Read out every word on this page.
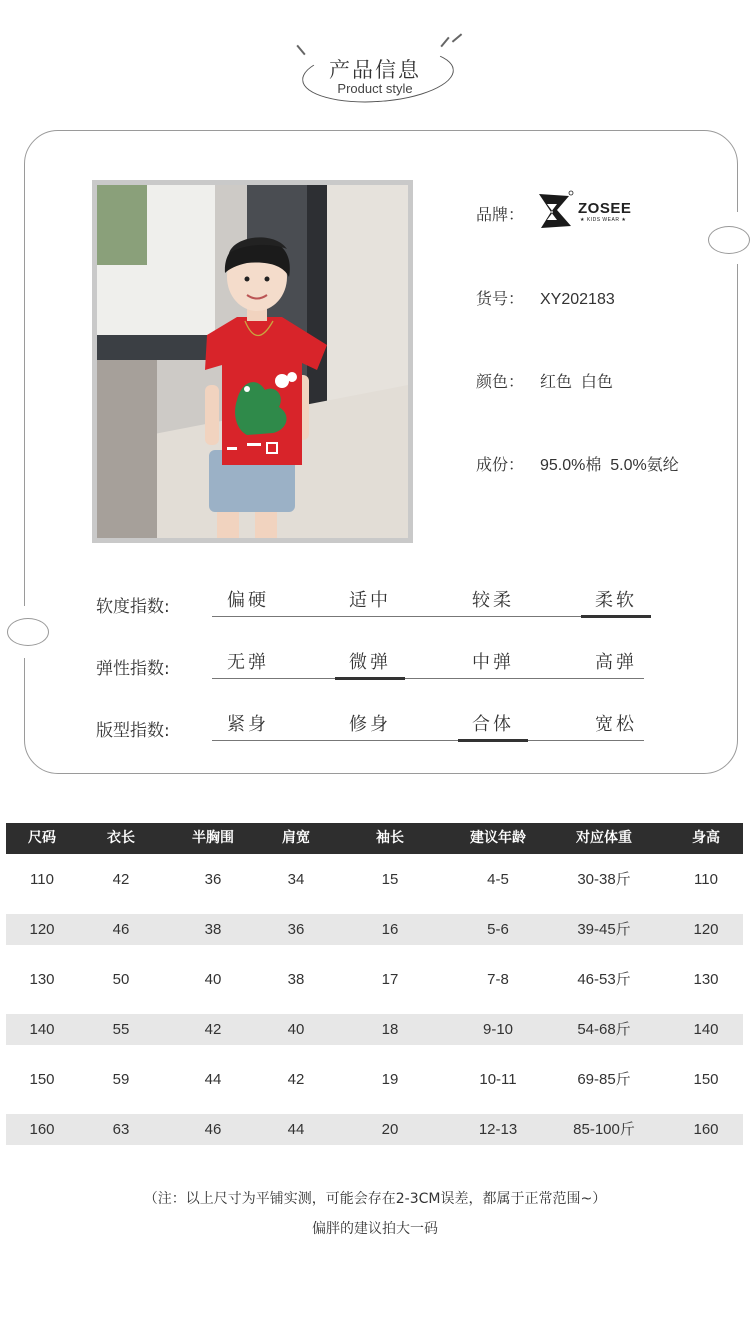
产品信息
Product style
品牌：	ZOSEE
★ KIDS WEAR ★
货号： XY202183
颜色： 红色  白色
成份： 95.0%棉  5.0%氨纶
软度指数:	偏硬	适中	较柔	柔软
弹性指数:	无弹	微弹	中弹	高弹
版型指数:	紧身	修身	合体	宽松
尺码	衣长	半胸围	肩宽	袖长	建议年龄	对应体重	身高
110	42	36	34	15	4-5	30-38斤	110
120	46	38	36	16	5-6	39-45斤	120
130	50	40	38	17	7-8	46-53斤	130
140	55	42	40	18	9-10	54-68斤	140
150	59	44	42	19	10-11	69-85斤	150
160	63	46	44	20	12-13	85-100斤	160
（注：以上尺寸为平铺实测，可能会存在2-3CM误差，都属于正常范围~）
偏胖的建议拍大一码
